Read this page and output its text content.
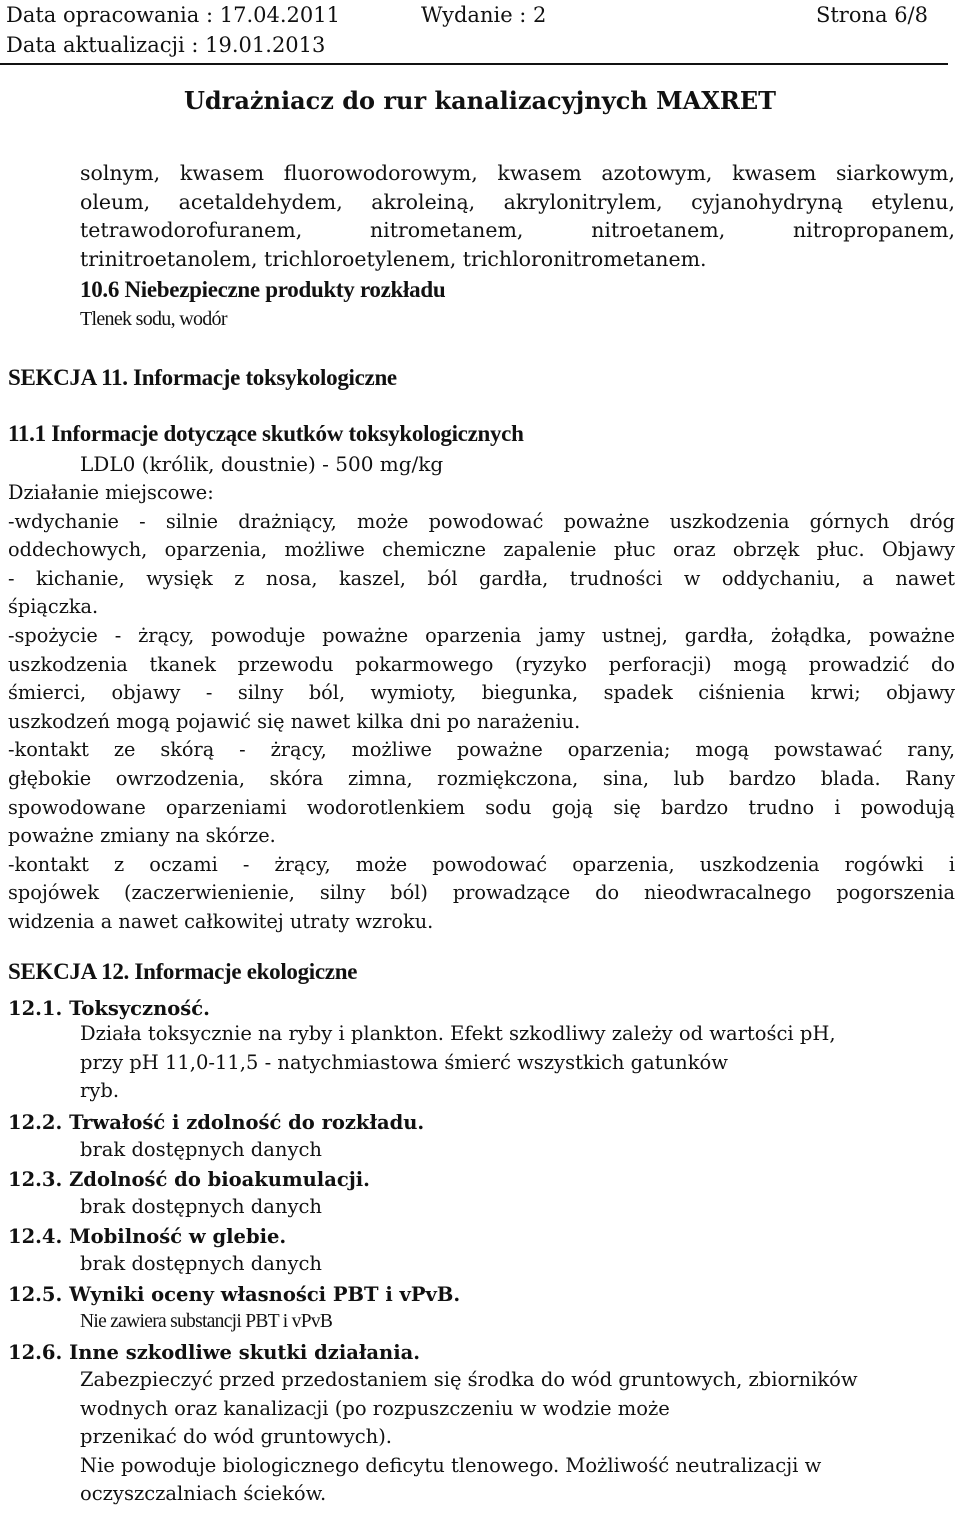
Data opracowania : 17.04.2011	Wydanie : 2	Strona 6/8
Data aktualizacji : 19.01.2013
Udrażniacz do rur kanalizacyjnych MAXRET
solnym, kwasem fluorowodorowym, kwasem azotowym, kwasem siarkowym,
oleum, acetaldehydem, akroleiną, akrylonitrylem, cyjanohydryną etylenu,
tetrawodorofuranem, nitrometanem, nitroetanem, nitropropanem,
trinitroetanolem, trichloroetylenem, trichloronitrometanem.
10.6 Niebezpieczne produkty rozkładu
Tlenek sodu, wodór
SEKCJA 11. Informacje toksykologiczne
11.1 Informacje dotyczące skutków toksykologicznych
LDL0 (królik, doustnie) - 500 mg/kg
Działanie miejscowe:
-wdychanie - silnie drażniący, może powodować poważne uszkodzenia górnych dróg
oddechowych, oparzenia, możliwe chemiczne zapalenie płuc oraz obrzęk płuc. Objawy
- kichanie, wysięk z nosa, kaszel, ból gardła, trudności w oddychaniu, a nawet
śpiączka.
-spożycie - żrący, powoduje poważne oparzenia jamy ustnej, gardła, żołądka, poważne
uszkodzenia tkanek przewodu pokarmowego (ryzyko perforacji) mogą prowadzić do
śmierci, objawy - silny ból, wymioty, biegunka, spadek ciśnienia krwi; objawy
uszkodzeń mogą pojawić się nawet kilka dni po narażeniu.
-kontakt ze skórą - żrący, możliwe poważne oparzenia; mogą powstawać rany,
głębokie owrzodzenia, skóra zimna, rozmiękczona, sina, lub bardzo blada. Rany
spowodowane oparzeniami wodorotlenkiem sodu goją się bardzo trudno i powodują
poważne zmiany na skórze.
-kontakt z oczami - żrący, może powodować oparzenia, uszkodzenia rogówki i
spojówek (zaczerwienienie, silny ból) prowadzące do nieodwracalnego pogorszenia
widzenia a nawet całkowitej utraty wzroku.
SEKCJA 12. Informacje ekologiczne
12.1. Toksyczność.
Działa toksycznie na ryby i plankton. Efekt szkodliwy zależy od wartości pH,
przy pH 11,0-11,5 - natychmiastowa śmierć wszystkich gatunków
ryb.
12.2. Trwałość i zdolność do rozkładu.
brak dostępnych danych
12.3. Zdolność do bioakumulacji.
brak dostępnych danych
12.4. Mobilność w glebie.
brak dostępnych danych
12.5. Wyniki oceny własności PBT i vPvB.
Nie zawiera substancji PBT i vPvB
12.6. Inne szkodliwe skutki działania.
Zabezpieczyć przed przedostaniem się środka do wód gruntowych, zbiorników
wodnych oraz kanalizacji (po rozpuszczeniu w wodzie może
przenikać do wód gruntowych).
Nie powoduje biologicznego deficytu tlenowego. Możliwość neutralizacji w
oczyszczalniach ścieków.
